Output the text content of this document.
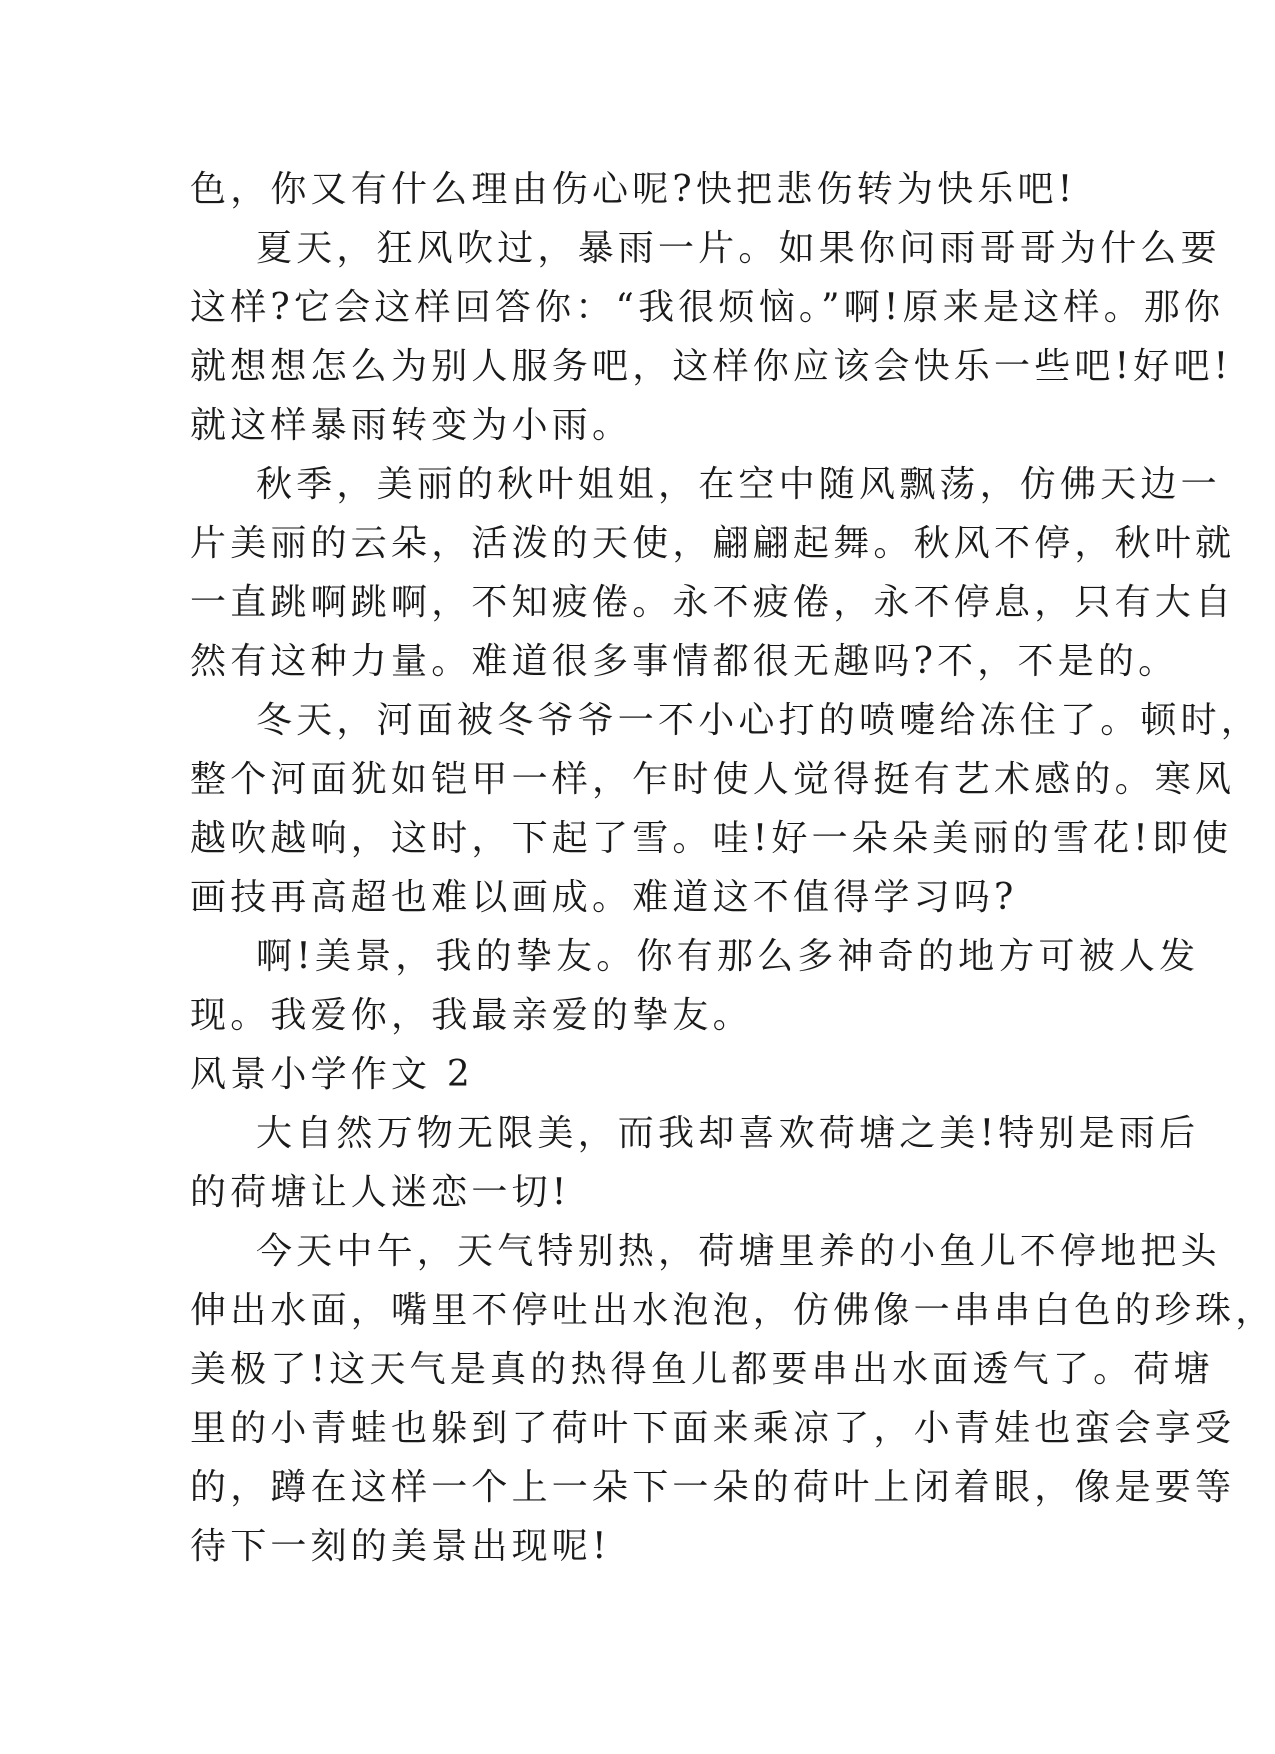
色，你又有什么理由伤心呢?快把悲伤转为快乐吧!
夏天，狂风吹过，暴雨一片。如果你问雨哥哥为什么要
这样?它会这样回答你：“我很烦恼。”啊!原来是这样。那你
就想想怎么为别人服务吧，这样你应该会快乐一些吧!好吧!
就这样暴雨转变为小雨。
秋季，美丽的秋叶姐姐，在空中随风飘荡，仿佛天边一
片美丽的云朵，活泼的天使，翩翩起舞。秋风不停，秋叶就
一直跳啊跳啊，不知疲倦。永不疲倦，永不停息，只有大自
然有这种力量。难道很多事情都很无趣吗?不，不是的。
冬天，河面被冬爷爷一不小心打的喷嚏给冻住了。顿时，
整个河面犹如铠甲一样，乍时使人觉得挺有艺术感的。寒风
越吹越响，这时，下起了雪。哇!好一朵朵美丽的雪花!即使
画技再高超也难以画成。难道这不值得学习吗?
啊!美景，我的挚友。你有那么多神奇的地方可被人发
现。我爱你，我最亲爱的挚友。
风景小学作文 2
大自然万物无限美，而我却喜欢荷塘之美!特别是雨后
的荷塘让人迷恋一切!
今天中午，天气特别热，荷塘里养的小鱼儿不停地把头
伸出水面，嘴里不停吐出水泡泡，仿佛像一串串白色的珍珠，
美极了!这天气是真的热得鱼儿都要串出水面透气了。荷塘
里的小青蛙也躲到了荷叶下面来乘凉了，小青娃也蛮会享受
的，蹲在这样一个上一朵下一朵的荷叶上闭着眼，像是要等
待下一刻的美景出现呢!
